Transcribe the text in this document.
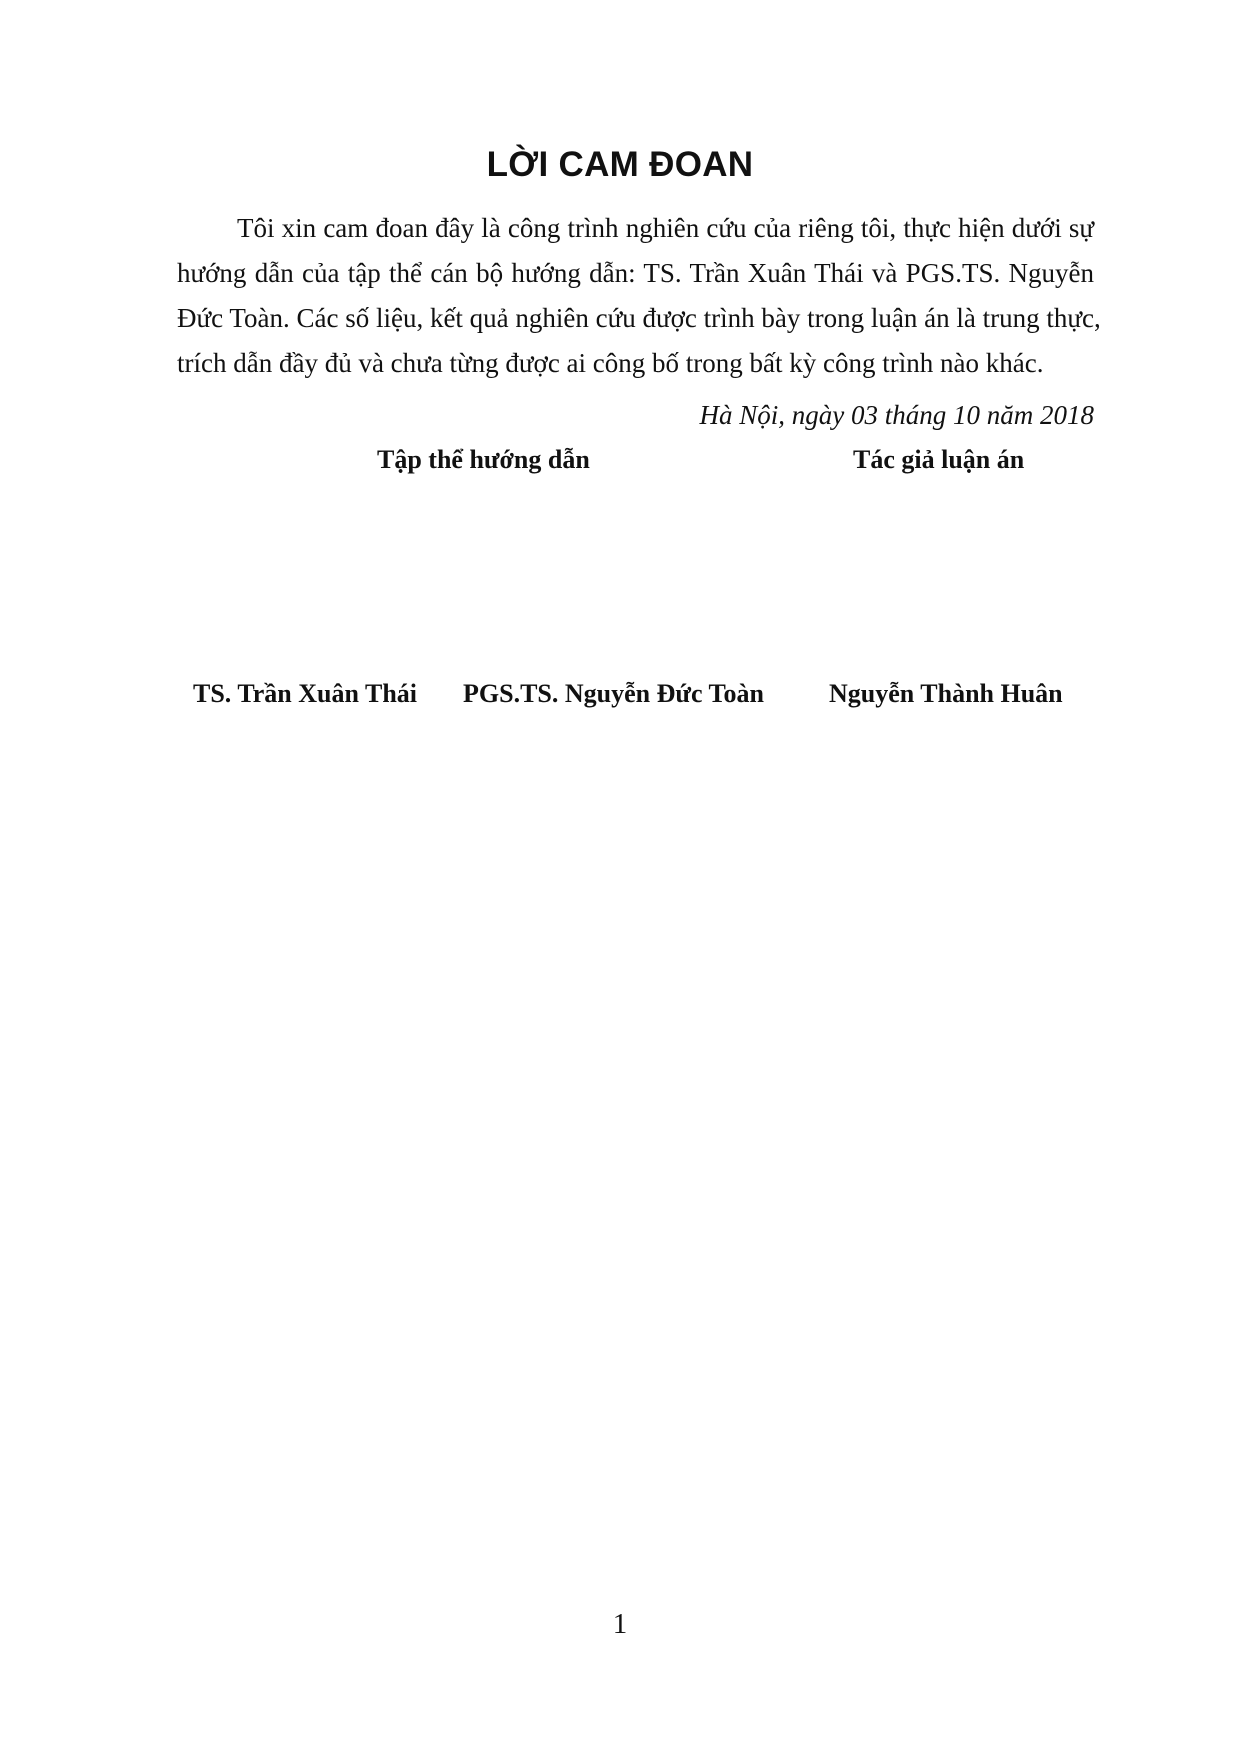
LỜI CAM ĐOAN
Tôi xin cam đoan đây là công trình nghiên cứu của riêng tôi, thực hiện dưới sự
hướng dẫn của tập thể cán bộ hướng dẫn: TS. Trần Xuân Thái và PGS.TS. Nguyễn
Đức Toàn. Các số liệu, kết quả nghiên cứu được trình bày trong luận án là trung thực,
trích dẫn đầy đủ và chưa từng được ai công bố trong bất kỳ công trình nào khác.
Hà Nội, ngày 03 tháng 10 năm 2018
Tập thể hướng dẫn	Tác giả luận án
TS. Trần Xuân Thái PGS.TS. Nguyễn Đức Toàn	Nguyễn Thành Huân
1
